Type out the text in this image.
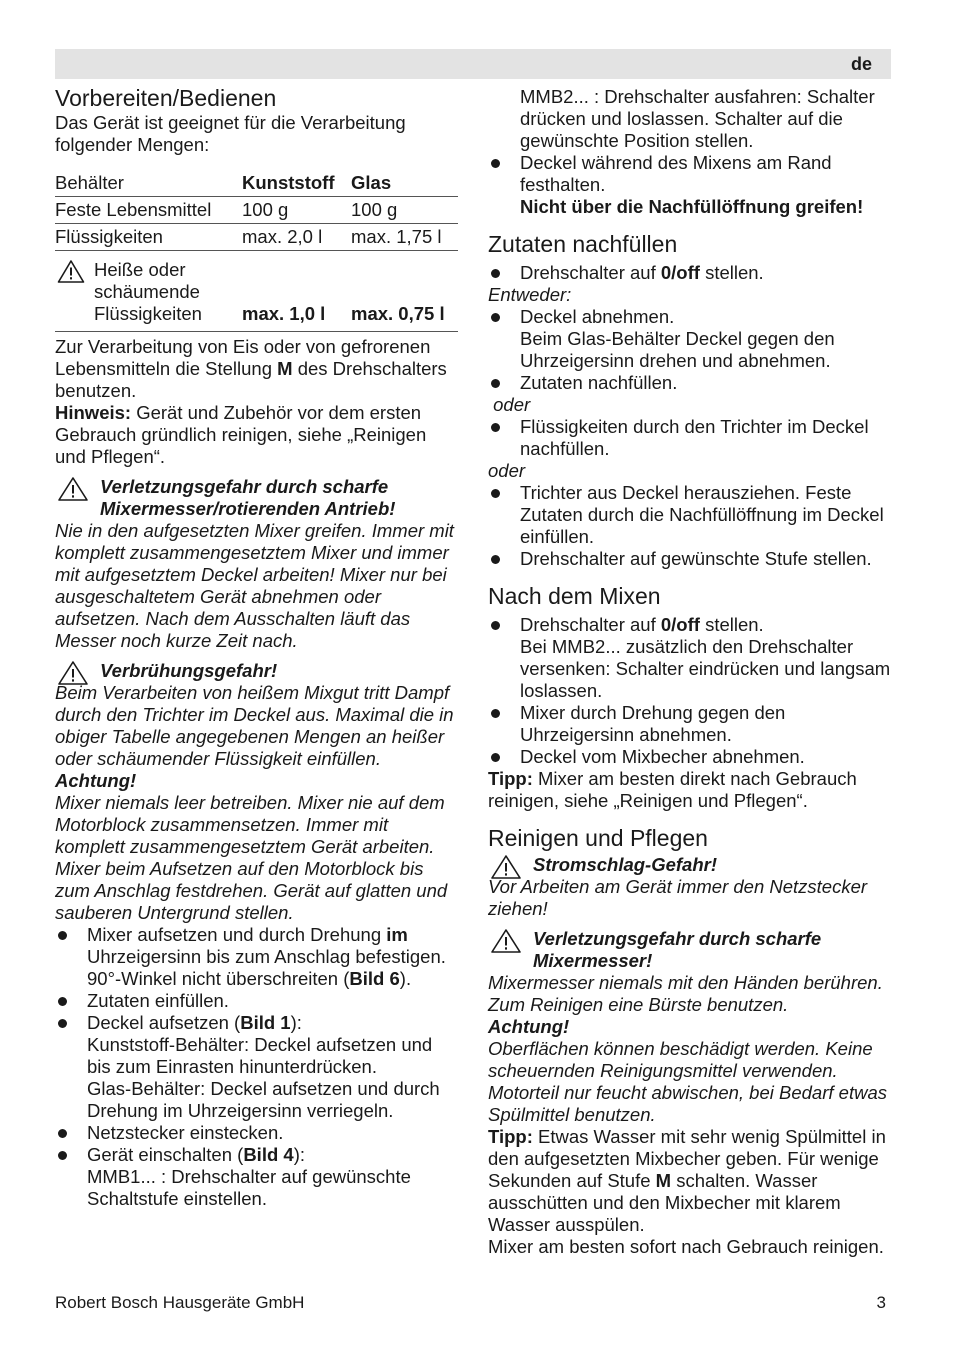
de
Vorbereiten/Bedienen

Das Gerät ist geeignet für die Verarbeitung folgender Mengen:

Behälter	Kunststoff	Glas
Feste Lebensmittel	100 g	100 g
Flüssigkeiten	max. 2,0 l	max. 1,75 l

Heiße oder schäumende Flüssigkeiten	max. 1,0 l	max. 0,75 l

Zur Verarbeitung von Eis oder von gefrorenen Lebensmitteln die Stellung M des Drehschalters benutzen.

Hinweis: Gerät und Zubehör vor dem ersten Gebrauch gründlich reinigen, siehe „Reinigen und Pflegen“.

Verletzungsgefahr durch scharfe Mixermesser/rotierenden Antrieb!

Nie in den aufgesetzten Mixer greifen. Immer mit komplett zusammengesetztem Mixer und immer mit aufgesetztem Deckel arbeiten! Mixer nur bei ausgeschaltetem Gerät abnehmen oder aufsetzen. Nach dem Ausschalten läuft das Messer noch kurze Zeit nach.

Verbrühungsgefahr!

Beim Verarbeiten von heißem Mixgut tritt Dampf durch den Trichter im Deckel aus. Maximal die in obiger Tabelle angegebenen Mengen an heißer oder schäumender Flüssigkeit einfüllen.

Achtung!

Mixer niemals leer betreiben. Mixer nie auf dem Motorblock zusammensetzen. Immer mit komplett zusammengesetztem Gerät arbeiten. Mixer beim Aufsetzen auf den Motorblock bis zum Anschlag festdrehen. Gerät auf glatten und sauberen Untergrund stellen.

Mixer aufsetzen und durch Drehung im Uhrzeigersinn bis zum Anschlag befestigen. 90°-Winkel nicht überschreiten (Bild 6).
Zutaten einfüllen.
Deckel aufsetzen (Bild 1):
Kunststoff-Behälter: Deckel aufsetzen und bis zum Einrasten hinunterdrücken.
Glas-Behälter: Deckel aufsetzen und durch Drehung im Uhrzeigersinn verriegeln.
Netzstecker einstecken.
Gerät einschalten (Bild 4):
MMB1... : Drehschalter auf gewünschte Schaltstufe einstellen.

MMB2... : Drehschalter ausfahren: Schalter drücken und loslassen. Schalter auf die gewünschte Position stellen.

Deckel während des Mixens am Rand festhalten.
Nicht über die Nachfüllöffnung greifen!
Zutaten nachfüllen
Drehschalter auf 0/off stellen.

Entweder:

Deckel abnehmen.
Beim Glas-Behälter Deckel gegen den Uhrzeigersinn drehen und abnehmen.
Zutaten nachfüllen.

oder

Flüssigkeiten durch den Trichter im Deckel nachfüllen.

oder

Trichter aus Deckel herausziehen. Feste Zutaten durch die Nachfüllöffnung im Deckel einfüllen.
Drehschalter auf gewünschte Stufe stellen.
Nach dem Mixen
Drehschalter auf 0/off stellen.
Bei MMB2... zusätzlich den Drehschalter versenken: Schalter eindrücken und langsam loslassen.
Mixer durch Drehung gegen den Uhrzeigersinn abnehmen.
Deckel vom Mixbecher abnehmen.

Tipp: Mixer am besten direkt nach Gebrauch reinigen, siehe „Reinigen und Pflegen“.

Reinigen und Pflegen

Stromschlag-Gefahr!

Vor Arbeiten am Gerät immer den Netzstecker ziehen!

Verletzungsgefahr durch scharfe Mixermesser!

Mixermesser niemals mit den Händen berühren. Zum Reinigen eine Bürste benutzen.

Achtung!

Oberflächen können beschädigt werden. Keine scheuernden Reinigungsmittel verwenden. Motorteil nur feucht abwischen, bei Bedarf etwas Spülmittel benutzen.

Tipp: Etwas Wasser mit sehr wenig Spülmittel in den aufgesetzten Mixbecher geben. Für wenige Sekunden auf Stufe M schalten. Wasser ausschütten und den Mixbecher mit klarem Wasser ausspülen.

Mixer am besten sofort nach Gebrauch reinigen.

Robert Bosch Hausgeräte GmbH	3
